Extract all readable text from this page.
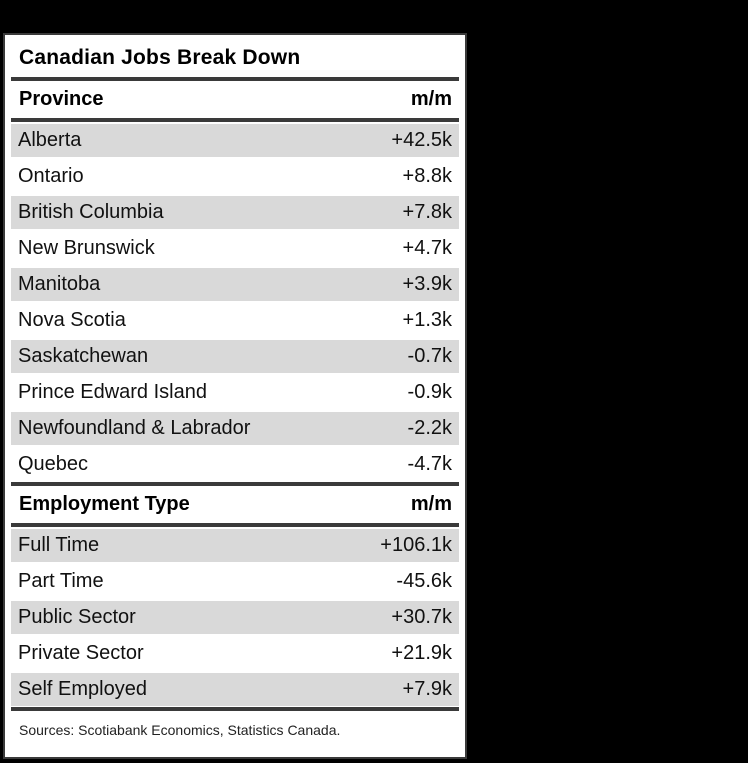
Canadian Jobs Break Down
Province	m/m
Alberta	+42.5k
Ontario	+8.8k
British Columbia	+7.8k
New Brunswick	+4.7k
Manitoba	+3.9k
Nova Scotia	+1.3k
Saskatchewan	-0.7k
Prince Edward Island	-0.9k
Newfoundland & Labrador	-2.2k
Quebec	-4.7k
Employment Type	m/m
Full Time	+106.1k
Part Time	-45.6k
Public Sector	+30.7k
Private Sector	+21.9k
Self Employed	+7.9k
Sources: Scotiabank Economics, Statistics Canada.
